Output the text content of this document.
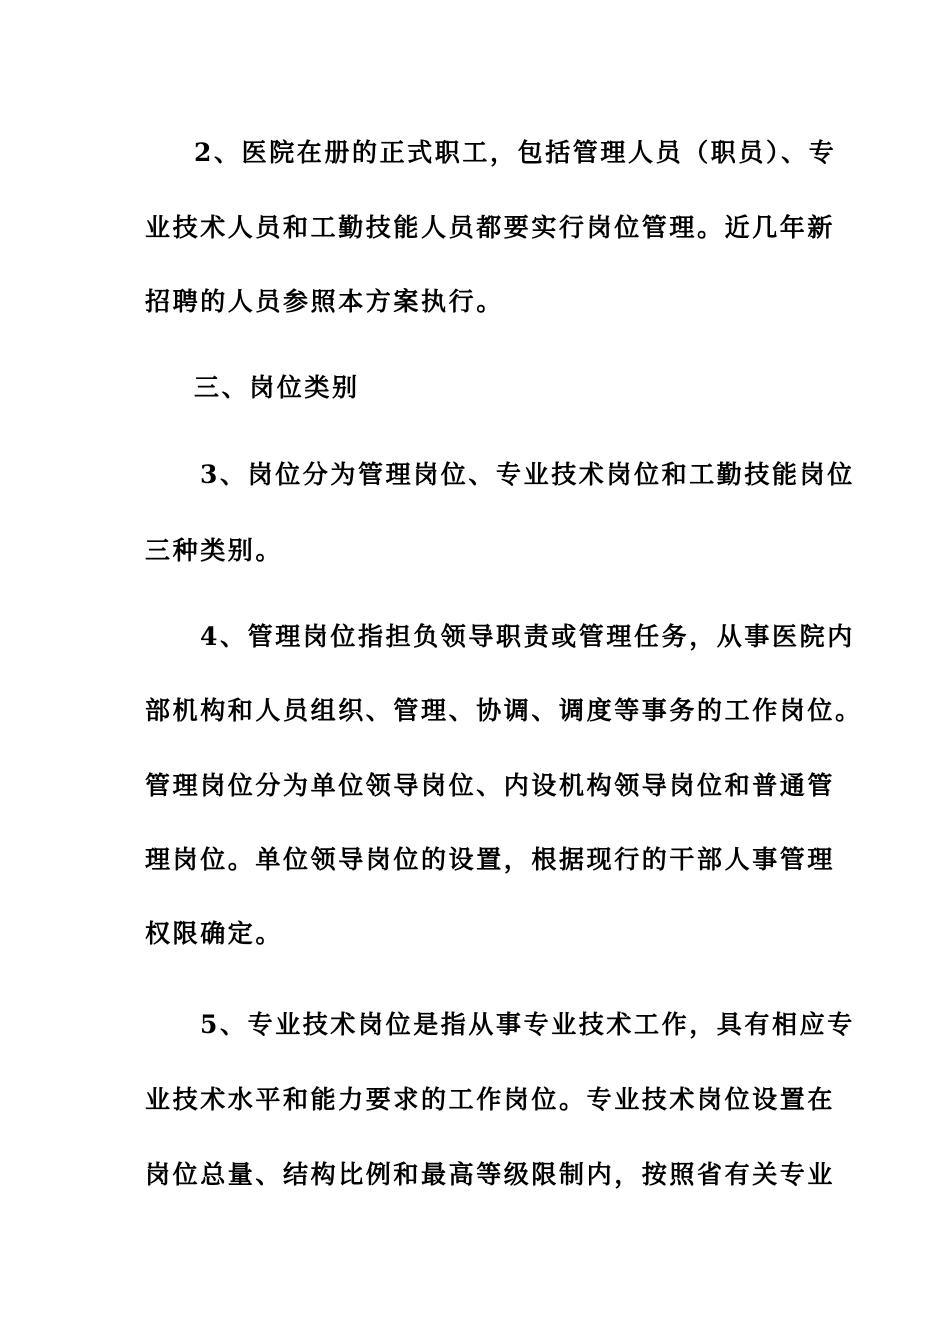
2、医院在册的正式职工，包括管理人员（职员）、专

业技术人员和工勤技能人员都要实行岗位管理。近几年新

招聘的人员参照本方案执行。

三、岗位类别

3、岗位分为管理岗位、专业技术岗位和工勤技能岗位

三种类别。

4、管理岗位指担负领导职责或管理任务，从事医院内

部机构和人员组织、管理、协调、调度等事务的工作岗位。

管理岗位分为单位领导岗位、内设机构领导岗位和普通管

理岗位。单位领导岗位的设置，根据现行的干部人事管理

权限确定。

5、专业技术岗位是指从事专业技术工作，具有相应专

业技术水平和能力要求的工作岗位。专业技术岗位设置在

岗位总量、结构比例和最高等级限制内，按照省有关专业
